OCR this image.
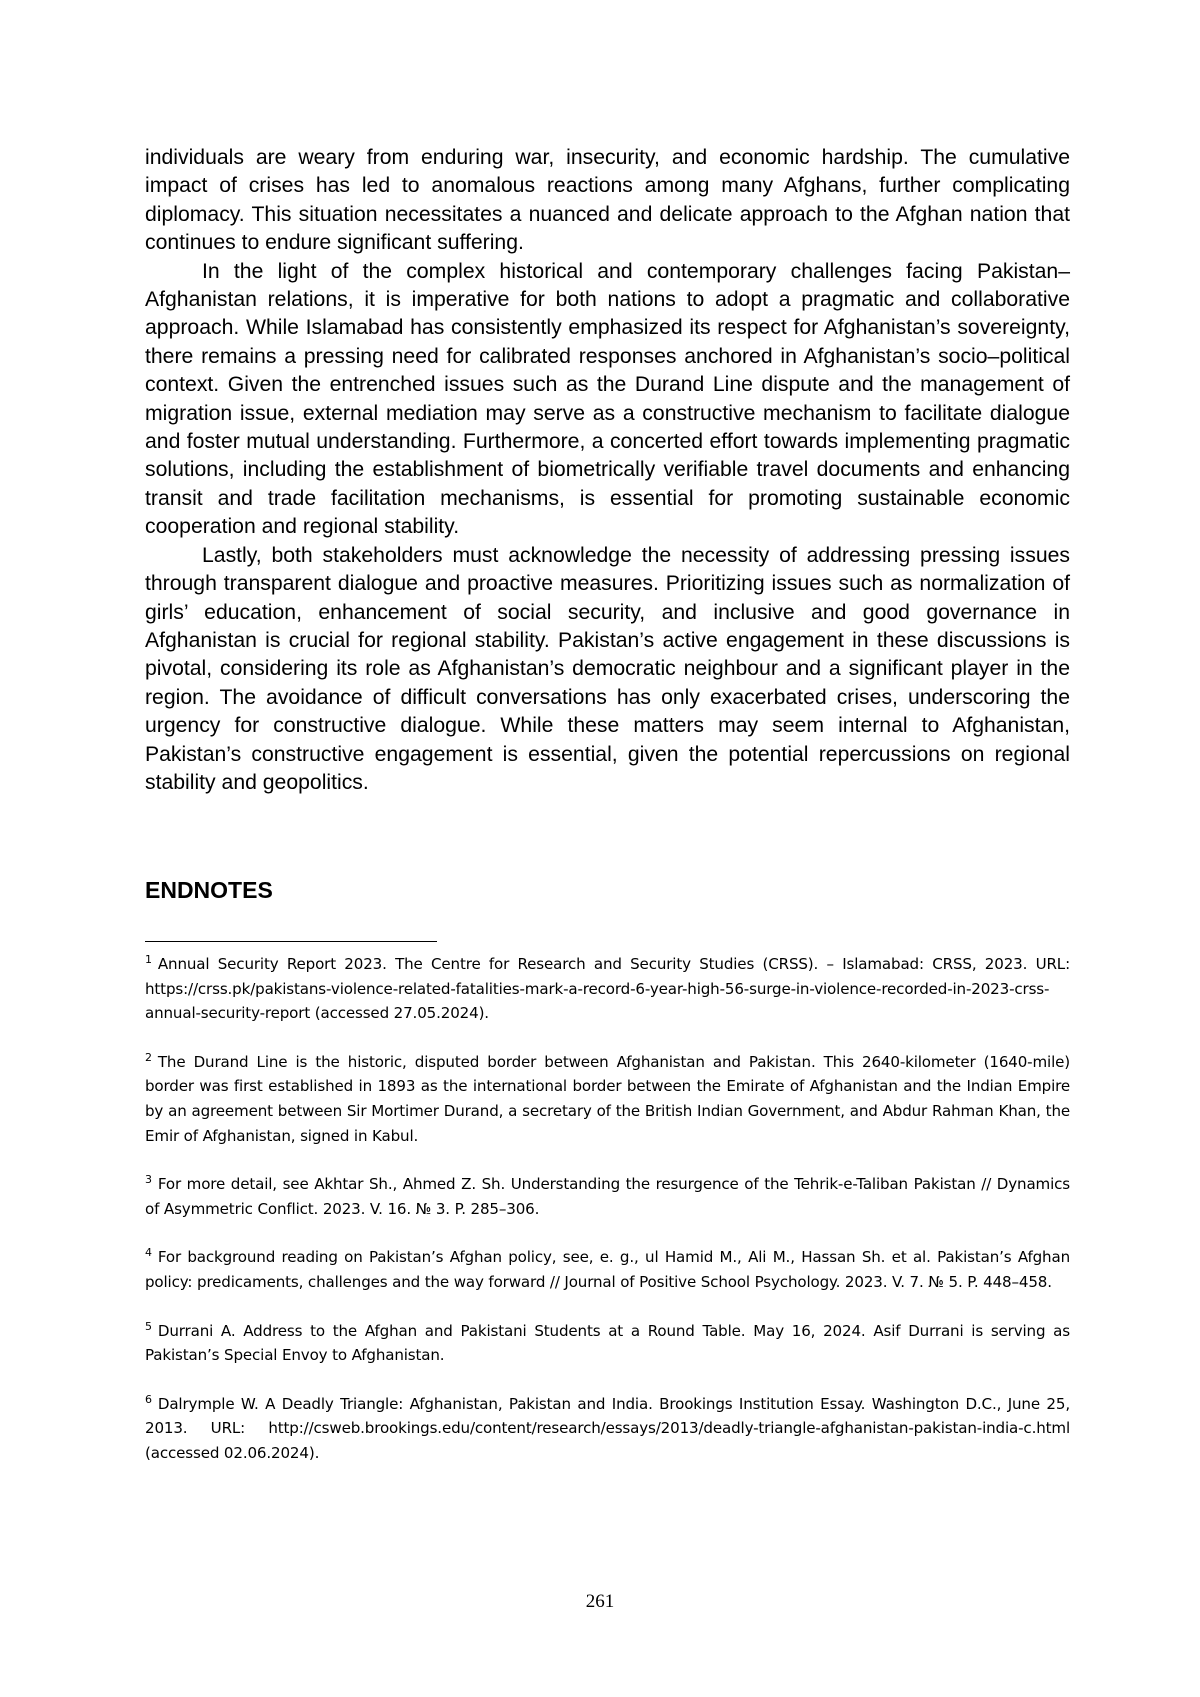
individuals are weary from enduring war, insecurity, and economic hardship. The cumulative impact of crises has led to anomalous reactions among many Afghans, further complicating diplomacy. This situation necessitates a nuanced and delicate approach to the Afghan nation that continues to endure significant suffering.

In the light of the complex historical and contemporary challenges facing Pakistan–Afghanistan relations, it is imperative for both nations to adopt a pragmatic and collaborative approach. While Islamabad has consistently emphasized its respect for Afghanistan’s sovereignty, there remains a pressing need for calibrated responses anchored in Afghanistan’s socio–political context. Given the entrenched issues such as the Durand Line dispute and the management of migration issue, external mediation may serve as a constructive mechanism to facilitate dialogue and foster mutual understanding. Furthermore, a concerted effort towards implementing pragmatic solutions, including the establishment of biometrically verifiable travel documents and enhancing transit and trade facilitation mechanisms, is essential for promoting sustainable economic cooperation and regional stability.

Lastly, both stakeholders must acknowledge the necessity of addressing pressing issues through transparent dialogue and proactive measures. Prioritizing issues such as normalization of girls’ education, enhancement of social security, and inclusive and good governance in Afghanistan is crucial for regional stability. Pakistan’s active engagement in these discussions is pivotal, considering its role as Afghanistan’s democratic neighbour and a significant player in the region. The avoidance of difficult conversations has only exacerbated crises, underscoring the urgency for constructive dialogue. While these matters may seem internal to Afghanistan, Pakistan’s constructive engagement is essential, given the potential repercussions on regional stability and geopolitics.

ENDNOTES

$^1$ Annual Security Report 2023. The Centre for Research and Security Studies (CRSS). – Islamabad: CRSS, 2023. URL: https://crss.pk/pakistans-violence-related-fatalities-mark-a-record-6-year-high-56-surge-in-violence-recorded-in-2023-crss-annual-security-report (accessed 27.05.2024).

$^2$ The Durand Line is the historic, disputed border between Afghanistan and Pakistan. This 2640-kilometer (1640-mile) border was first established in 1893 as the international border between the Emirate of Afghanistan and the Indian Empire by an agreement between Sir Mortimer Durand, a secretary of the British Indian Government, and Abdur Rahman Khan, the Emir of Afghanistan, signed in Kabul.

$^3$ For more detail, see Akhtar Sh., Ahmed Z. Sh. Understanding the resurgence of the Tehrik-e-Taliban Pakistan // Dynamics of Asymmetric Conflict. 2023. V. 16. № 3. P. 285–306.

$^4$ For background reading on Pakistan’s Afghan policy, see, e. g., ul Hamid M., Ali M., Hassan Sh. et al. Pakistan’s Afghan policy: predicaments, challenges and the way forward // Journal of Positive School Psychology. 2023. V. 7. № 5. P. 448–458.

$^5$ Durrani A. Address to the Afghan and Pakistani Students at a Round Table. May 16, 2024. Asif Durrani is serving as Pakistan’s Special Envoy to Afghanistan.

$^6$ Dalrymple W. A Deadly Triangle: Afghanistan, Pakistan and India. Brookings Institution Essay. Washington D.C., June 25, 2013. URL: http://csweb.brookings.edu/content/research/essays/2013/deadly-triangle-afghanistan-pakistan-india-c.html (accessed 02.06.2024).

261
